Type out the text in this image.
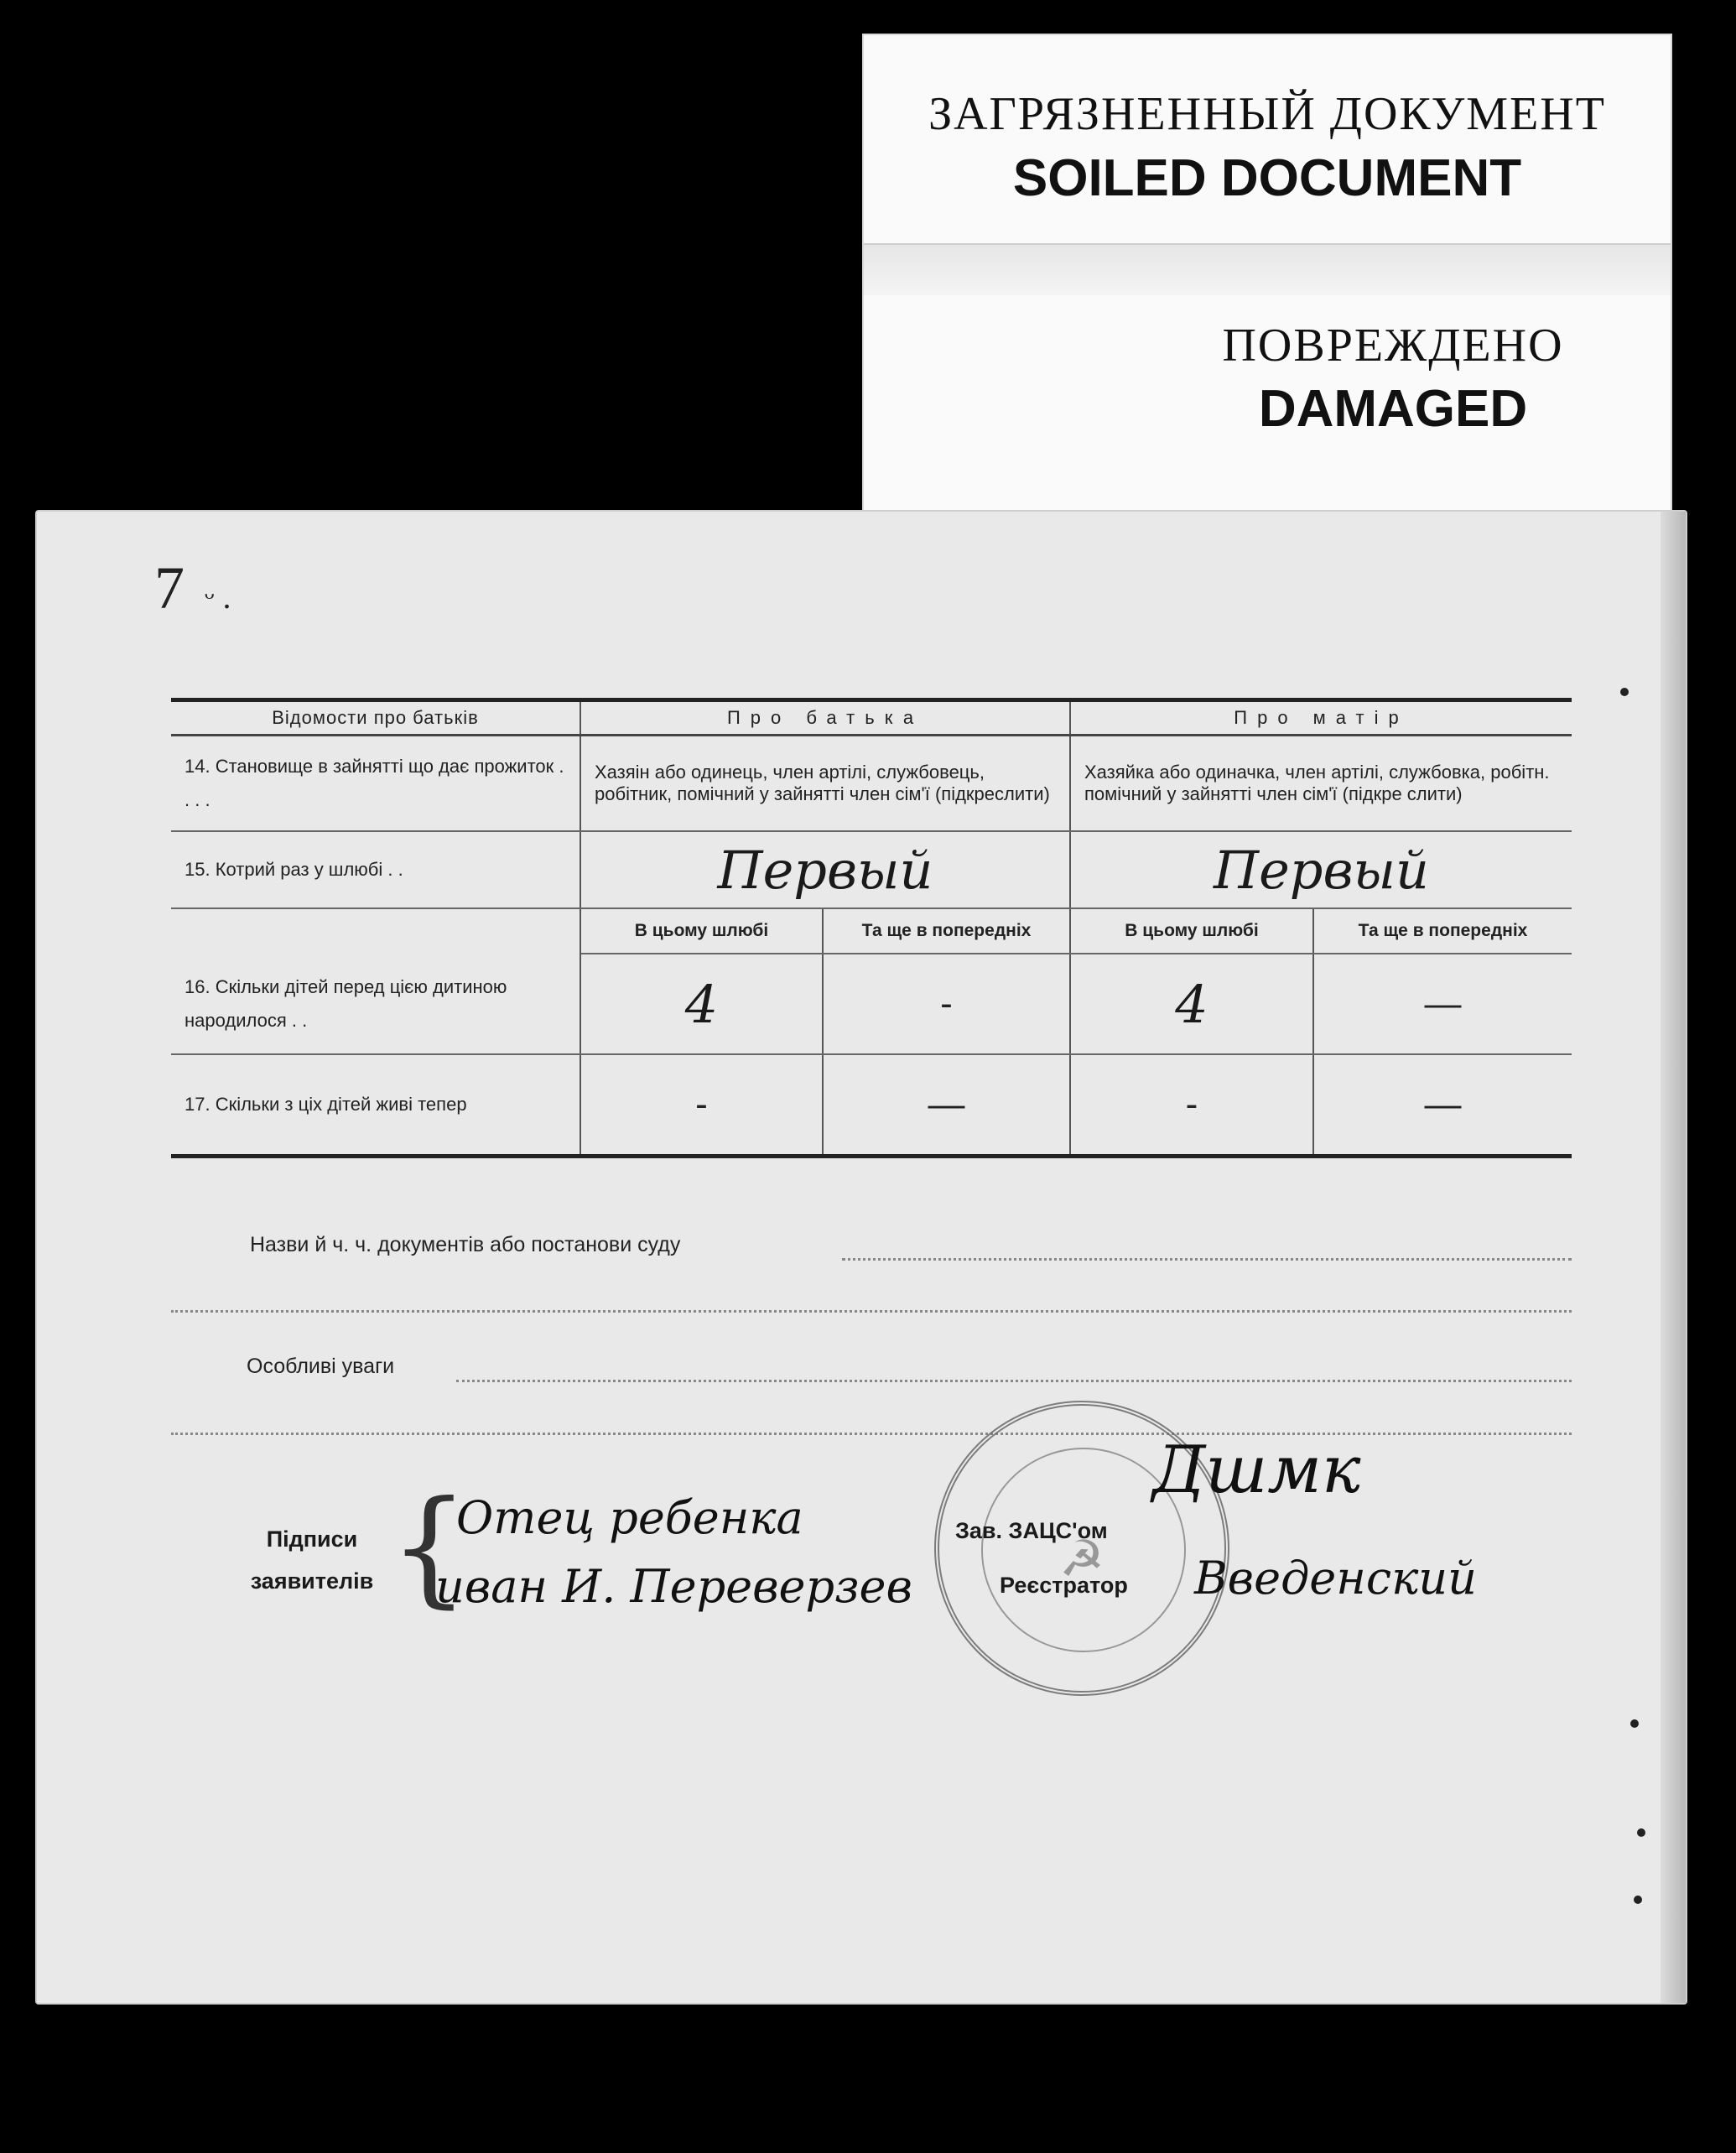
ЗАГРЯЗНЕННЫЙ ДОКУМЕНТ
SOILED DOCUMENT
ПОВРЕЖДЕНО
DAMAGED
7 ᵕ .
Відомости про батьків	Про батька		Про матір	
14. Становище в зайнятті що дає прожиток . . . .	Хазяін або одинець, член артілі, службовець, робітник, помічний у зайнятті член сім'ї (підкреслити)		Хазяйка або одиначка, член артілі, службовка, робітн. помічний у зайнятті член сім'ї (підкре слити)	
15. Котрий раз у шлюбі . .	Первый		Первый	
	В цьому шлюбі	Та ще в попередніх	В цьому шлюбі	Та ще в попередніх
16. Скільки дітей перед цією дитиною народилося . .	4	-	4	—
17. Скільки з ціх дітей живі тепер	-	—	-	—
Назви й ч. ч. документів або постанови суду
Особливі уваги
☭
Підписи
заявителів {
Отец ребенка
иван И. Переверзев
Зав. ЗАЦС'ом
Дшмк
Реєстратор Введенский
